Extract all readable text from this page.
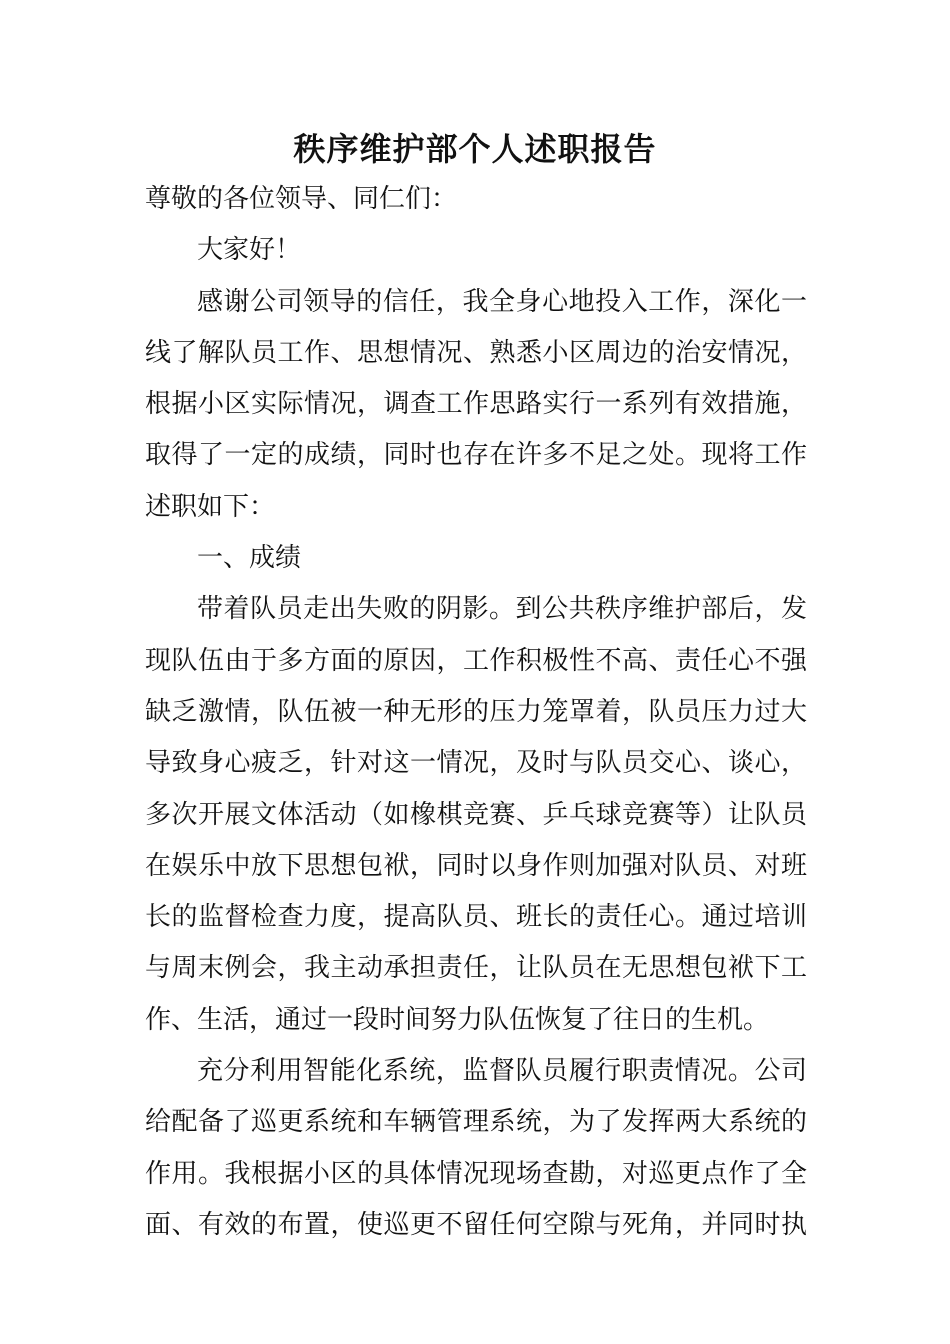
秩序维护部个人述职报告
尊敬的各位领导、同仁们：
大家好！
感谢公司领导的信任，我全身心地投入工作，深化一
线了解队员工作、思想情况、熟悉小区周边的治安情况，
根据小区实际情况，调查工作思路实行一系列有效措施，
取得了一定的成绩，同时也存在许多不足之处。现将工作
述职如下：
一、成绩
带着队员走出失败的阴影。到公共秩序维护部后，发
现队伍由于多方面的原因，工作积极性不高、责任心不强
缺乏激情，队伍被一种无形的压力笼罩着，队员压力过大
导致身心疲乏，针对这一情况，及时与队员交心、谈心，
多次开展文体活动（如橡棋竞赛、乒乓球竞赛等）让队员
在娱乐中放下思想包袱，同时以身作则加强对队员、对班
长的监督检查力度，提高队员、班长的责任心。通过培训
与周末例会，我主动承担责任，让队员在无思想包袱下工
作、生活，通过一段时间努力队伍恢复了往日的生机。
充分利用智能化系统，监督队员履行职责情况。公司
给配备了巡更系统和车辆管理系统，为了发挥两大系统的
作用。我根据小区的具体情况现场查勘，对巡更点作了全
面、有效的布置，使巡更不留任何空隙与死角，并同时执
